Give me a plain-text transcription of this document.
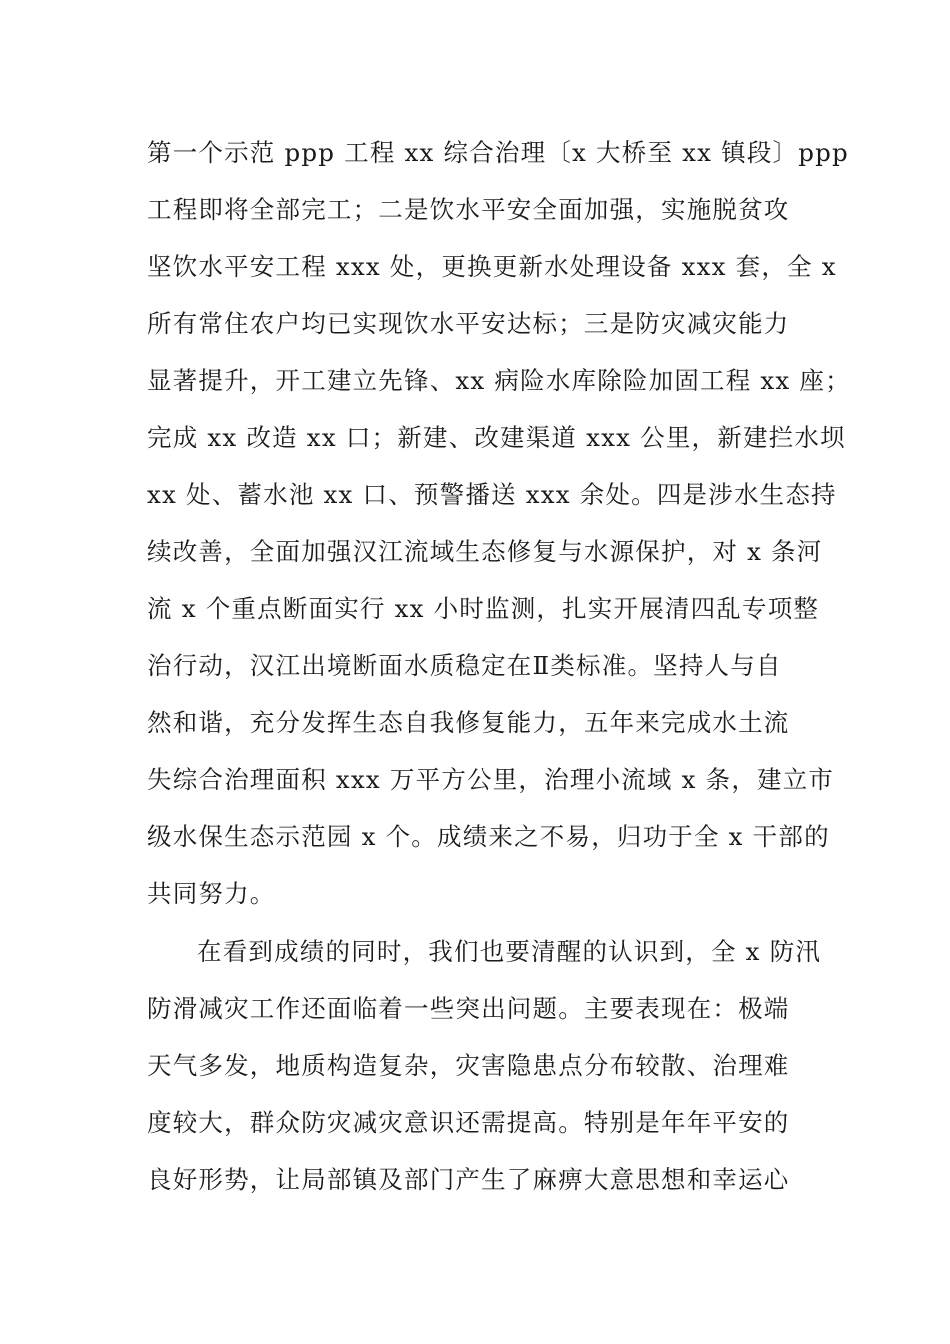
第一个示范 ppp 工程 xx 综合治理〔x 大桥至 xx 镇段〕ppp
工程即将全部完工；二是饮水平安全面加强，实施脱贫攻
坚饮水平安工程 xxx 处，更换更新水处理设备 xxx 套，全 x
所有常住农户均已实现饮水平安达标；三是防灾减灾能力
显著提升，开工建立先锋、xx 病险水库除险加固工程 xx 座；
完成 xx 改造 xx 口；新建、改建渠道 xxx 公里，新建拦水坝
xx 处、蓄水池 xx 口、预警播送 xxx 余处。四是涉水生态持
续改善，全面加强汉江流域生态修复与水源保护，对 x 条河
流 x 个重点断面实行 xx 小时监测，扎实开展清四乱专项整
治行动，汉江出境断面水质稳定在Ⅱ类标准。坚持人与自
然和谐，充分发挥生态自我修复能力，五年来完成水土流
失综合治理面积 xxx 万平方公里，治理小流域 x 条，建立市
级水保生态示范园 x 个。成绩来之不易，归功于全 x 干部的
共同努力。
在看到成绩的同时，我们也要清醒的认识到，全 x 防汛
防滑减灾工作还面临着一些突出问题。主要表现在：极端
天气多发，地质构造复杂，灾害隐患点分布较散、治理难
度较大，群众防灾减灾意识还需提高。特别是年年平安的
良好形势，让局部镇及部门产生了麻痹大意思想和幸运心
